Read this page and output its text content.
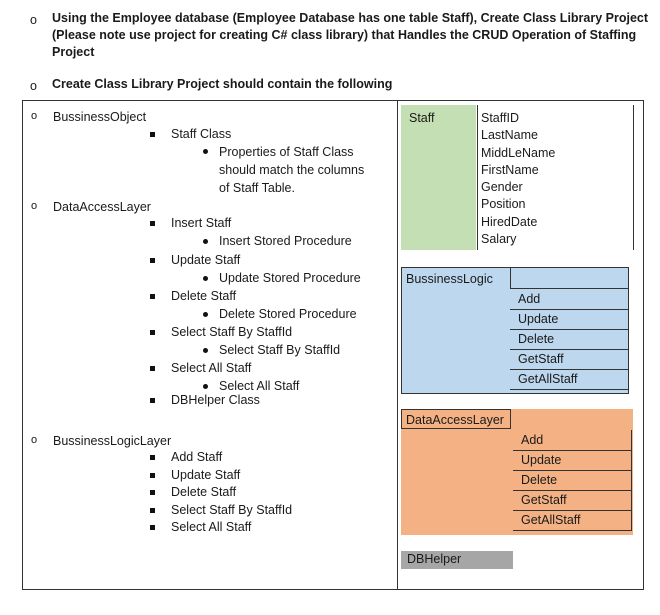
o Using the Employee database (Employee Database has one table Staff), Create Class Library Project (Please note use project for creating C# class library) that Handles the CRUD Operation of Staffing Project
o Create Class Library Project should contain the following
o BussinessObject
Staff Class
Properties of Staff Class
should match the columns
of Staff Table.
o DataAccessLayer
Insert Staff
Insert Stored Procedure
Update Staff
Update Stored Procedure
Delete Staff
Delete Stored Procedure
Select Staff By StaffId
Select Staff By StaffId
Select All Staff
Select All Staff
DBHelper Class
o BussinessLogicLayer
Add Staff
Update Staff
Delete Staff
Select Staff By StaffId
Select All Staff
Staff	StaffID
LastName
MiddLeName
FirstName
Gender
Position
HiredDate
Salary
BussinessLogic
Add
Update
Delete
GetStaff
GetAllStaff
DataAccessLayer
Add
Update
Delete
GetStaff
GetAllStaff
DBHelper
